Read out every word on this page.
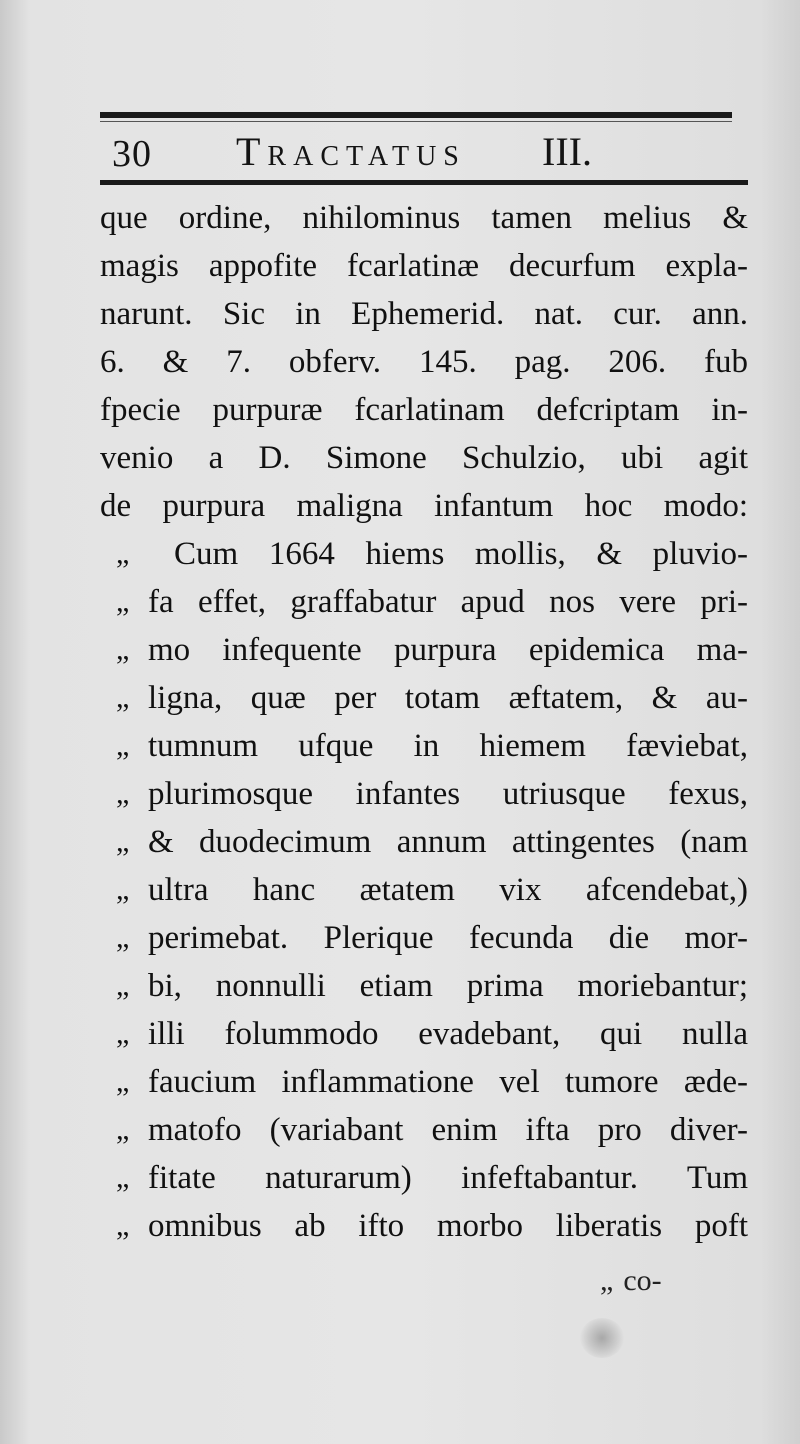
30 Tractatus III.
que ordine, nihilominus tamen melius &
magis appofite fcarlatinæ decurfum expla-
narunt. Sic in Ephemerid. nat. cur. ann.
6. & 7. obferv. 145. pag. 206. fub
fpecie purpuræ fcarlatinam defcriptam in-
venio a D. Simone Schulzio, ubi agit
de purpura maligna infantum hoc modo:
„ Cum 1664 hiems mollis, & pluvio-
„ fa effet, graffabatur apud nos vere pri-
„ mo infequente purpura epidemica ma-
„ ligna, quæ per totam æftatem, & au-
„ tumnum ufque in hiemem fæviebat,
„ plurimosque infantes utriusque fexus,
„ & duodecimum annum attingentes (nam
„ ultra hanc ætatem vix afcendebat,)
„ perimebat. Plerique fecunda die mor-
„ bi, nonnulli etiam prima moriebantur;
„ illi folummodo evadebant, qui nulla
„ faucium inflammatione vel tumore æde-
„ matofo (variabant enim ifta pro diver-
„ fitate naturarum) infeftabantur. Tum
„ omnibus ab ifto morbo liberatis poft
„ co-
